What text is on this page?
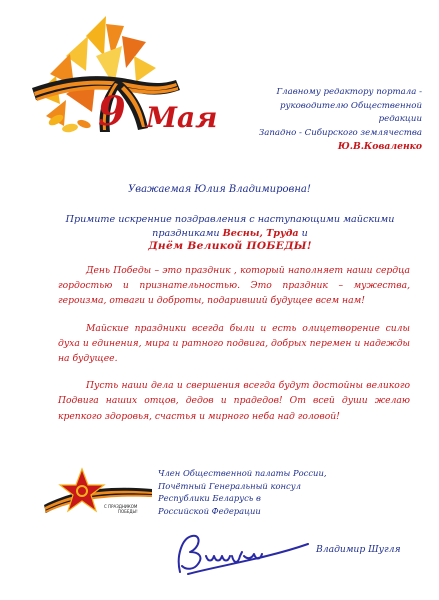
9 Мая
Главному редактору портала -
руководителю Общественной редакции
Западно - Сибирского землячества
Ю.В.Коваленко
Уважаемая Юлия Владимировна!
Примите искренние поздравления с наступающими майскими
праздниками Весны, Труда и
Днём Великой ПОБЕДЫ!

День Победы – это праздник , который наполняет наши сердца гордостью и признательностью. Это праздник – мужества, героизма, отваги и доброты, подаривший будущее всем нам!

Майские праздники всегда были и есть олицетворение силы духа и единения, мира и ратного подвига, добрых перемен и надежды на будущее.

Пусть наши дела и свершения всегда будут достойны великого Подвига наших отцов, дедов и прадедов! От всей души желаю крепкого здоровья, счастья и мирного неба над головой!

С ПРАЗДНИКОМ
ПОБЕДЫ!
Член Общественной палаты России,
Почётный Генеральный консул
Республики Беларусь в
Российской Федерации
Владимир Шугля
